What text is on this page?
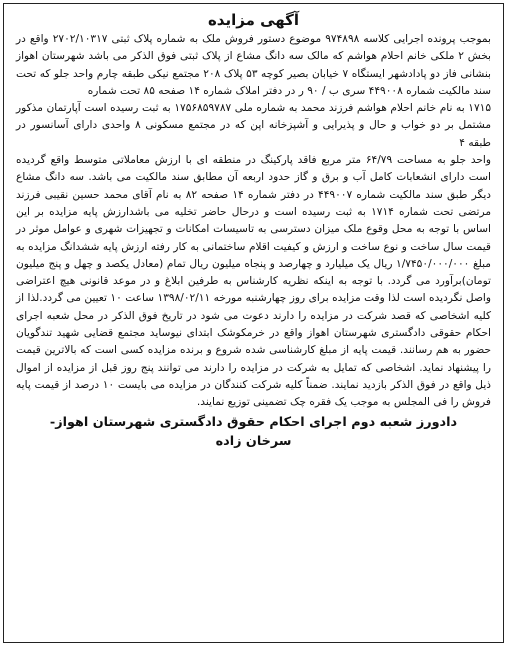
آگهی مزایده

بموجب پرونده اجرایی کلاسه ۹۷۴۸۹۸ موضوع دستور فروش ملک به شماره پلاک ثبتی ۲۷۰۲/۱۰۳۱۷ واقع در بخش ۲ ملکی خانم احلام هواشم که مالک سه دانگ مشاع از پلاک ثبتی فوق الذکر می باشد شهرستان اهواز بنشانی فاز دو پادادشهر ایستگاه ۷ خیابان بصیر کوچه ۵۳ پلاک ۲۰۸ مجتمع نیکی طبقه چارم واحد جلو که تحت سند مالکیت شماره ۴۴۹۰۰۸ سری ب / ۹۰ ر در دفتر املاک شماره ۱۴ صفحه ۸۵ تحت شماره

۱۷۱۵ به نام خانم احلام هواشم فرزند محمد به شماره ملی ۱۷۵۶۸۵۹۷۸۷ به ثبت رسیده است آپارتمان مذکور مشتمل بر دو خواب و حال و پذیرایی و آشپزخانه اپن که در مجتمع مسکونی ۸ واحدی دارای آسانسور در طبقه ۴

واحد جلو به مساحت ۶۴/۷۹ متر مربع فاقد پارکینگ در منطقه ای با ارزش معاملاتی متوسط واقع گردیده است دارای انشعابات کامل آب و برق و گاز حدود اربعه آن مطابق سند مالکیت می باشد. سه دانگ مشاع دیگر طبق سند مالکیت شماره ۴۴۹۰۰۷ در دفتر شماره ۱۴ صفحه ۸۲ به نام آقای محمد حسین نقیبی فرزند مرتضی تحت شماره ۱۷۱۴ به ثبت رسیده است و درحال حاضر تخلیه می باشدارزش پایه مزایده بر این اساس با توجه به محل وقوع ملک میزان دسترسی به تاسیسات امکانات و تجهیزات شهری و عوامل موثر در قیمت سال ساخت و نوع ساخت و ارزش و کیفیت اقلام ساختمانی به کار رفته ارزش پایه ششدانگ مزایده به مبلغ ۱/۷۴۵۰/۰۰۰/۰۰۰ ریال یک میلیارد و چهارصد و پنجاه میلیون ریال تمام (معادل یکصد و چهل و پنج میلیون تومان)برآورد می گردد. با توجه به اینکه نظریه کارشناس به طرفین ابلاغ و در موعد قانونی هیچ اعتراضی واصل نگردیده است لذا وقت مزایده برای روز چهارشنبه مورخه ۱۳۹۸/۰۲/۱۱ ساعت ۱۰ تعیین می گردد.لذا از کلیه اشخاصی که قصد شرکت در مزایده را دارند دعوت می شود در تاریخ فوق الذکر در محل شعبه اجرای احکام حقوقی دادگستری شهرستان اهواز واقع در خرمکوشک ابتدای نیوساید مجتمع قضایی شهید تندگویان حضور به هم رسانند. قیمت پایه از مبلغ کارشناسی شده شروع و برنده مزایده کسی است که بالاترین قیمت را پیشنهاد نماید. اشخاصی که تمایل به شرکت در مزایده را دارند می توانند پنج روز قبل از مزایده از اموال ذیل واقع در فوق الذکر بازدید نمایند. ضمناً کلیه شرکت کنندگان در مزایده می بایست ۱۰ درصد از قیمت پایه فروش را فی المجلس به موجب یک فقره چک تضمینی توزیع نمایند.

دادورز شعبه دوم اجرای احکام حقوق دادگستری شهرستان اهواز-
سرخان زاده
